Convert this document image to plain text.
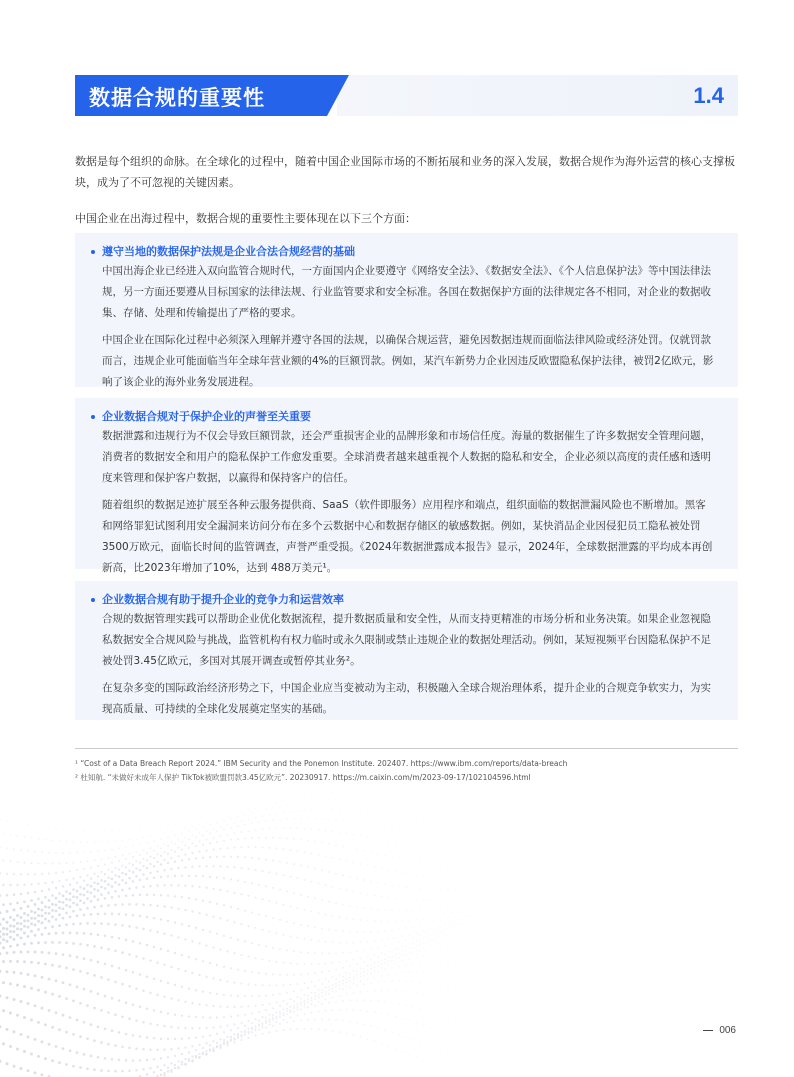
数据合规的重要性	1.4
数据是每个组织的命脉。在全球化的过程中，随着中国企业国际市场的不断拓展和业务的深入发展，数据合规作为海外运营的核心支撑板块，成为了不可忽视的关键因素。
中国企业在出海过程中，数据合规的重要性主要体现在以下三个方面：
遵守当地的数据保护法规是企业合法合规经营的基础
中国出海企业已经进入双向监管合规时代，一方面国内企业要遵守《网络安全法》、《数据安全法》、《个人信息保护法》等中国法律法规，另一方面还要遵从目标国家的法律法规、行业监管要求和安全标准。各国在数据保护方面的法律规定各不相同，对企业的数据收集、存储、处理和传输提出了严格的要求。
中国企业在国际化过程中必须深入理解并遵守各国的法规，以确保合规运营，避免因数据违规而面临法律风险或经济处罚。仅就罚款而言，违规企业可能面临当年全球年营业额的4%的巨额罚款。例如，某汽车新势力企业因违反欧盟隐私保护法律，被罚2亿欧元，影响了该企业的海外业务发展进程。
企业数据合规对于保护企业的声誉至关重要
数据泄露和违规行为不仅会导致巨额罚款，还会严重损害企业的品牌形象和市场信任度。海量的数据催生了许多数据安全管理问题，消费者的数据安全和用户的隐私保护工作愈发重要。全球消费者越来越重视个人数据的隐私和安全，企业必须以高度的责任感和透明度来管理和保护客户数据，以赢得和保持客户的信任。
随着组织的数据足迹扩展至各种云服务提供商、SaaS（软件即服务）应用程序和端点，组织面临的数据泄漏风险也不断增加。黑客和网络罪犯试图利用安全漏洞来访问分布在多个云数据中心和数据存储区的敏感数据。例如，某快消品企业因侵犯员工隐私被处罚3500万欧元，面临长时间的监管调查，声誉严重受损。《2024年数据泄露成本报告》显示，2024年，全球数据泄露的平均成本再创新高，比2023年增加了10%，达到 488万美元¹。
企业数据合规有助于提升企业的竞争力和运营效率
合规的数据管理实践可以帮助企业优化数据流程，提升数据质量和安全性，从而支持更精准的市场分析和业务决策。如果企业忽视隐私数据安全合规风险与挑战，监管机构有权力临时或永久限制或禁止违规企业的数据处理活动。例如，某短视频平台因隐私保护不足被处罚3.45亿欧元，多国对其展开调查或暂停其业务²。
在复杂多变的国际政治经济形势之下，中国企业应当变被动为主动，积极融入全球合规治理体系，提升企业的合规竞争软实力，为实现高质量、可持续的全球化发展奠定坚实的基础。
¹ “Cost of a Data Breach Report 2024.” IBM Security and the Ponemon Institute. 202407. https://www.ibm.com/reports/data-breach
² 杜知航. “未做好未成年人保护 TikTok被欧盟罚款3.45亿欧元”. 20230917. https://m.caixin.com/m/2023-09-17/102104596.html
006
